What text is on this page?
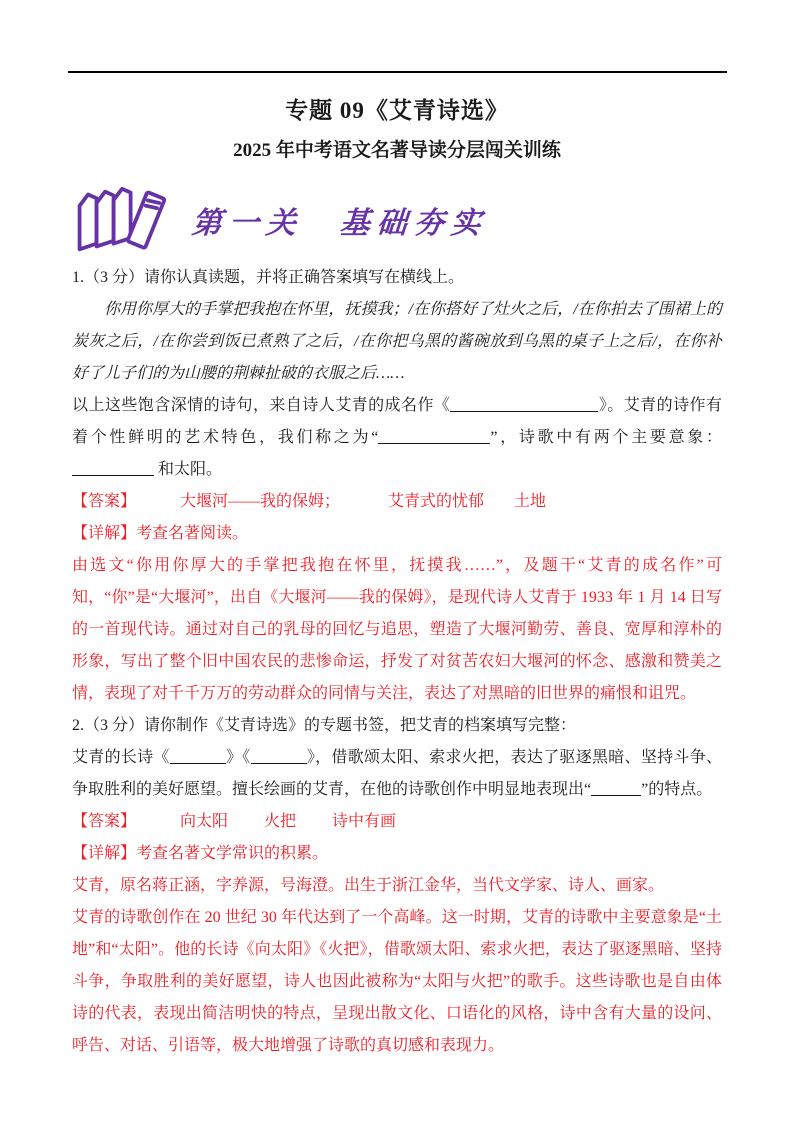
专题 09《艾青诗选》
2025 年中考语文名著导读分层闯关训练
第一关　基础夯实

1.（3 分）请你认真读题，并将正确答案填写在横线上。

你用你厚大的手掌把我抱在怀里，抚摸我；/在你搭好了灶火之后，/在你拍去了围裙上的炭灰之后，/在你尝到饭已煮熟了之后，/在你把乌黑的酱碗放到乌黑的桌子上之后/，在你补好了儿子们的为山腰的荆棘扯破的衣服之后……

以上这些饱含深情的诗句，来自诗人艾青的成名作《	》。艾青的诗作有着个性鲜明的艺术特色，我们称之为“	”，诗歌中有两个主要意象： 和太阳。

【答案】	大堰河——我的保姆；	艾青式的忧郁 土地

【详解】考查名著阅读。

由选文“你用你厚大的手掌把我抱在怀里，抚摸我……”，及题干“艾青的成名作”可知，“你”是“大堰河”，出自《大堰河——我的保姆》，是现代诗人艾青于 1933 年 1 月 14 日写的一首现代诗。通过对自己的乳母的回忆与追思，塑造了大堰河勤劳、善良、宽厚和淳朴的形象，写出了整个旧中国农民的悲惨命运，抒发了对贫苦农妇大堰河的怀念、感激和赞美之情，表现了对千千万万的劳动群众的同情与关注，表达了对黑暗的旧世界的痛恨和诅咒。

2.（3 分）请你制作《艾青诗选》的专题书签，把艾青的档案填写完整：

艾青的长诗《	》《	》，借歌颂太阳、索求火把，表达了驱逐黑暗、坚持斗争、争取胜利的美好愿望。擅长绘画的艾青，在他的诗歌创作中明显地表现出“	”的特点。

【答案】	向太阳 火把 诗中有画

【详解】考查名著文学常识的积累。

艾青，原名蒋正涵，字养源，号海澄。出生于浙江金华，当代文学家、诗人、画家。

艾青的诗歌创作在 20 世纪 30 年代达到了一个高峰。这一时期，艾青的诗歌中主要意象是“土地”和“太阳”。他的长诗《向太阳》《火把》，借歌颂太阳、索求火把，表达了驱逐黑暗、坚持斗争，争取胜利的美好愿望，诗人也因此被称为“太阳与火把”的歌手。这些诗歌也是自由体诗的代表，表现出简洁明快的特点，呈现出散文化、口语化的风格，诗中含有大量的设问、呼告、对话、引语等，极大地增强了诗歌的真切感和表现力。
